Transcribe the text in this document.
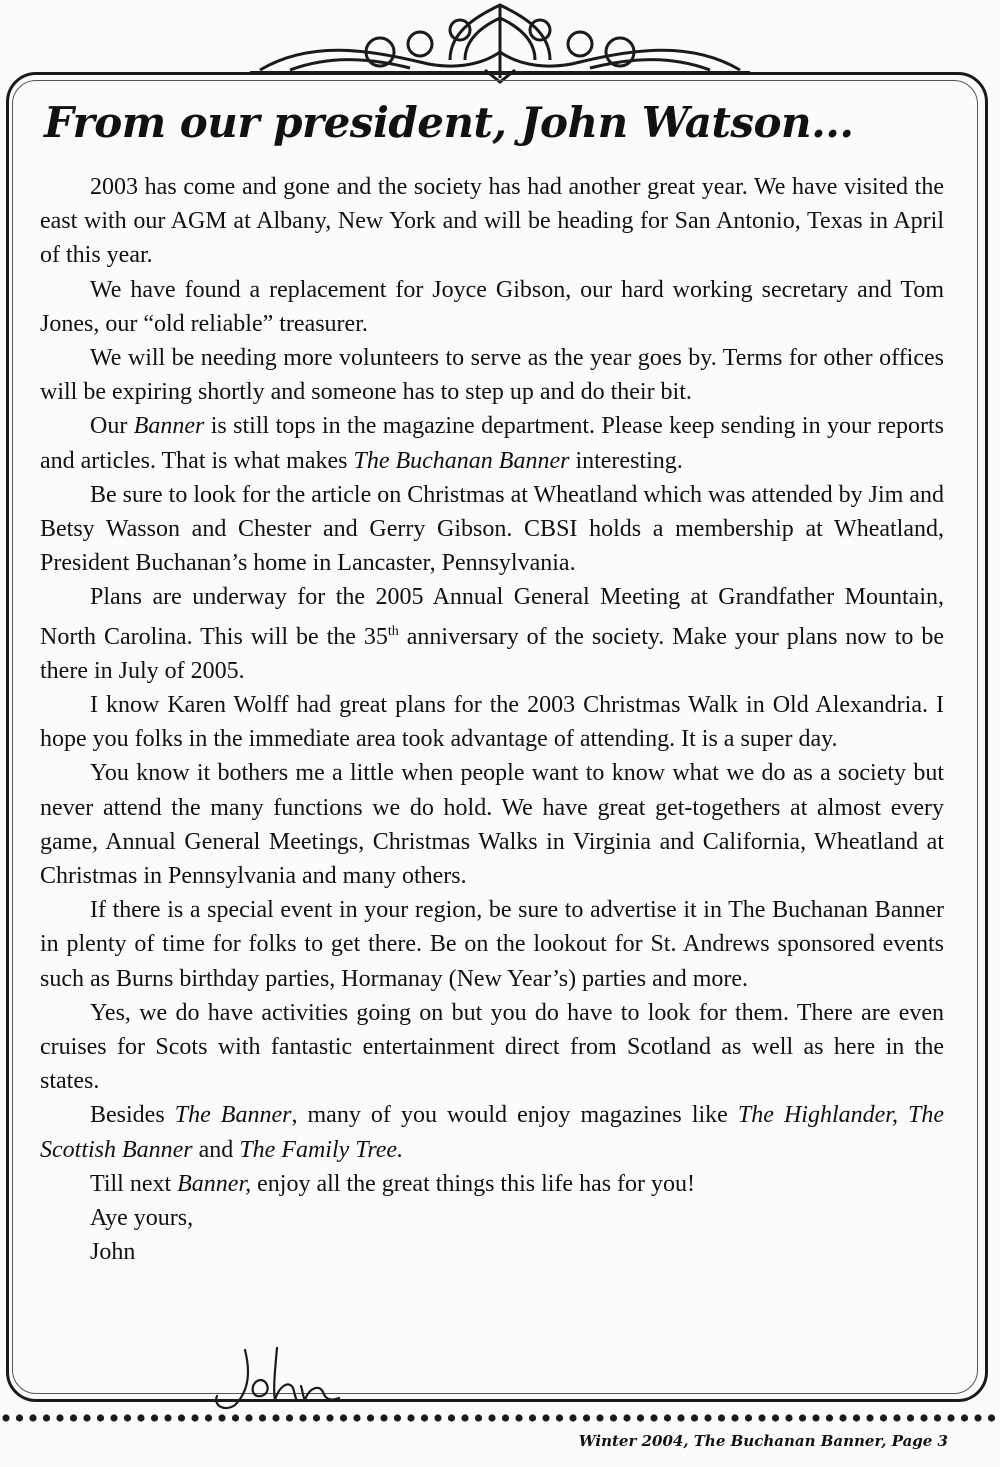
From our president, John Watson...

2003 has come and gone and the society has had another great year. We have visited the east with our AGM at Albany, New York and will be heading for San Antonio, Texas in April of this year.

We have found a replacement for Joyce Gibson, our hard working secretary and Tom Jones, our “old reliable” treasurer.

We will be needing more volunteers to serve as the year goes by. Terms for other offices will be expiring shortly and someone has to step up and do their bit.

Our Banner is still tops in the magazine department. Please keep sending in your reports and articles. That is what makes The Buchanan Banner interesting.

Be sure to look for the article on Christmas at Wheatland which was attended by Jim and Betsy Wasson and Chester and Gerry Gibson. CBSI holds a membership at Wheatland, President Buchanan’s home in Lancaster, Pennsylvania.

Plans are underway for the 2005 Annual General Meeting at Grandfather Mountain, North Carolina. This will be the 35th anniversary of the society. Make your plans now to be there in July of 2005.

I know Karen Wolff had great plans for the 2003 Christmas Walk in Old Alexandria. I hope you folks in the immediate area took advantage of attending. It is a super day.

You know it bothers me a little when people want to know what we do as a society but never attend the many functions we do hold. We have great get-togethers at almost every game, Annual General Meetings, Christmas Walks in Virginia and California, Wheatland at Christmas in Pennsylvania and many others.

If there is a special event in your region, be sure to advertise it in The Buchanan Banner in plenty of time for folks to get there. Be on the lookout for St. Andrews sponsored events such as Burns birthday parties, Hormanay (New Year’s) parties and more.

Yes, we do have activities going on but you do have to look for them. There are even cruises for Scots with fantastic entertainment direct from Scotland as well as here in the states.

Besides The Banner, many of you would enjoy magazines like The Highlander, The Scottish Banner and The Family Tree.

Till next Banner, enjoy all the great things this life has for you!

Aye yours,
John
Winter 2004, The Buchanan Banner, Page 3
